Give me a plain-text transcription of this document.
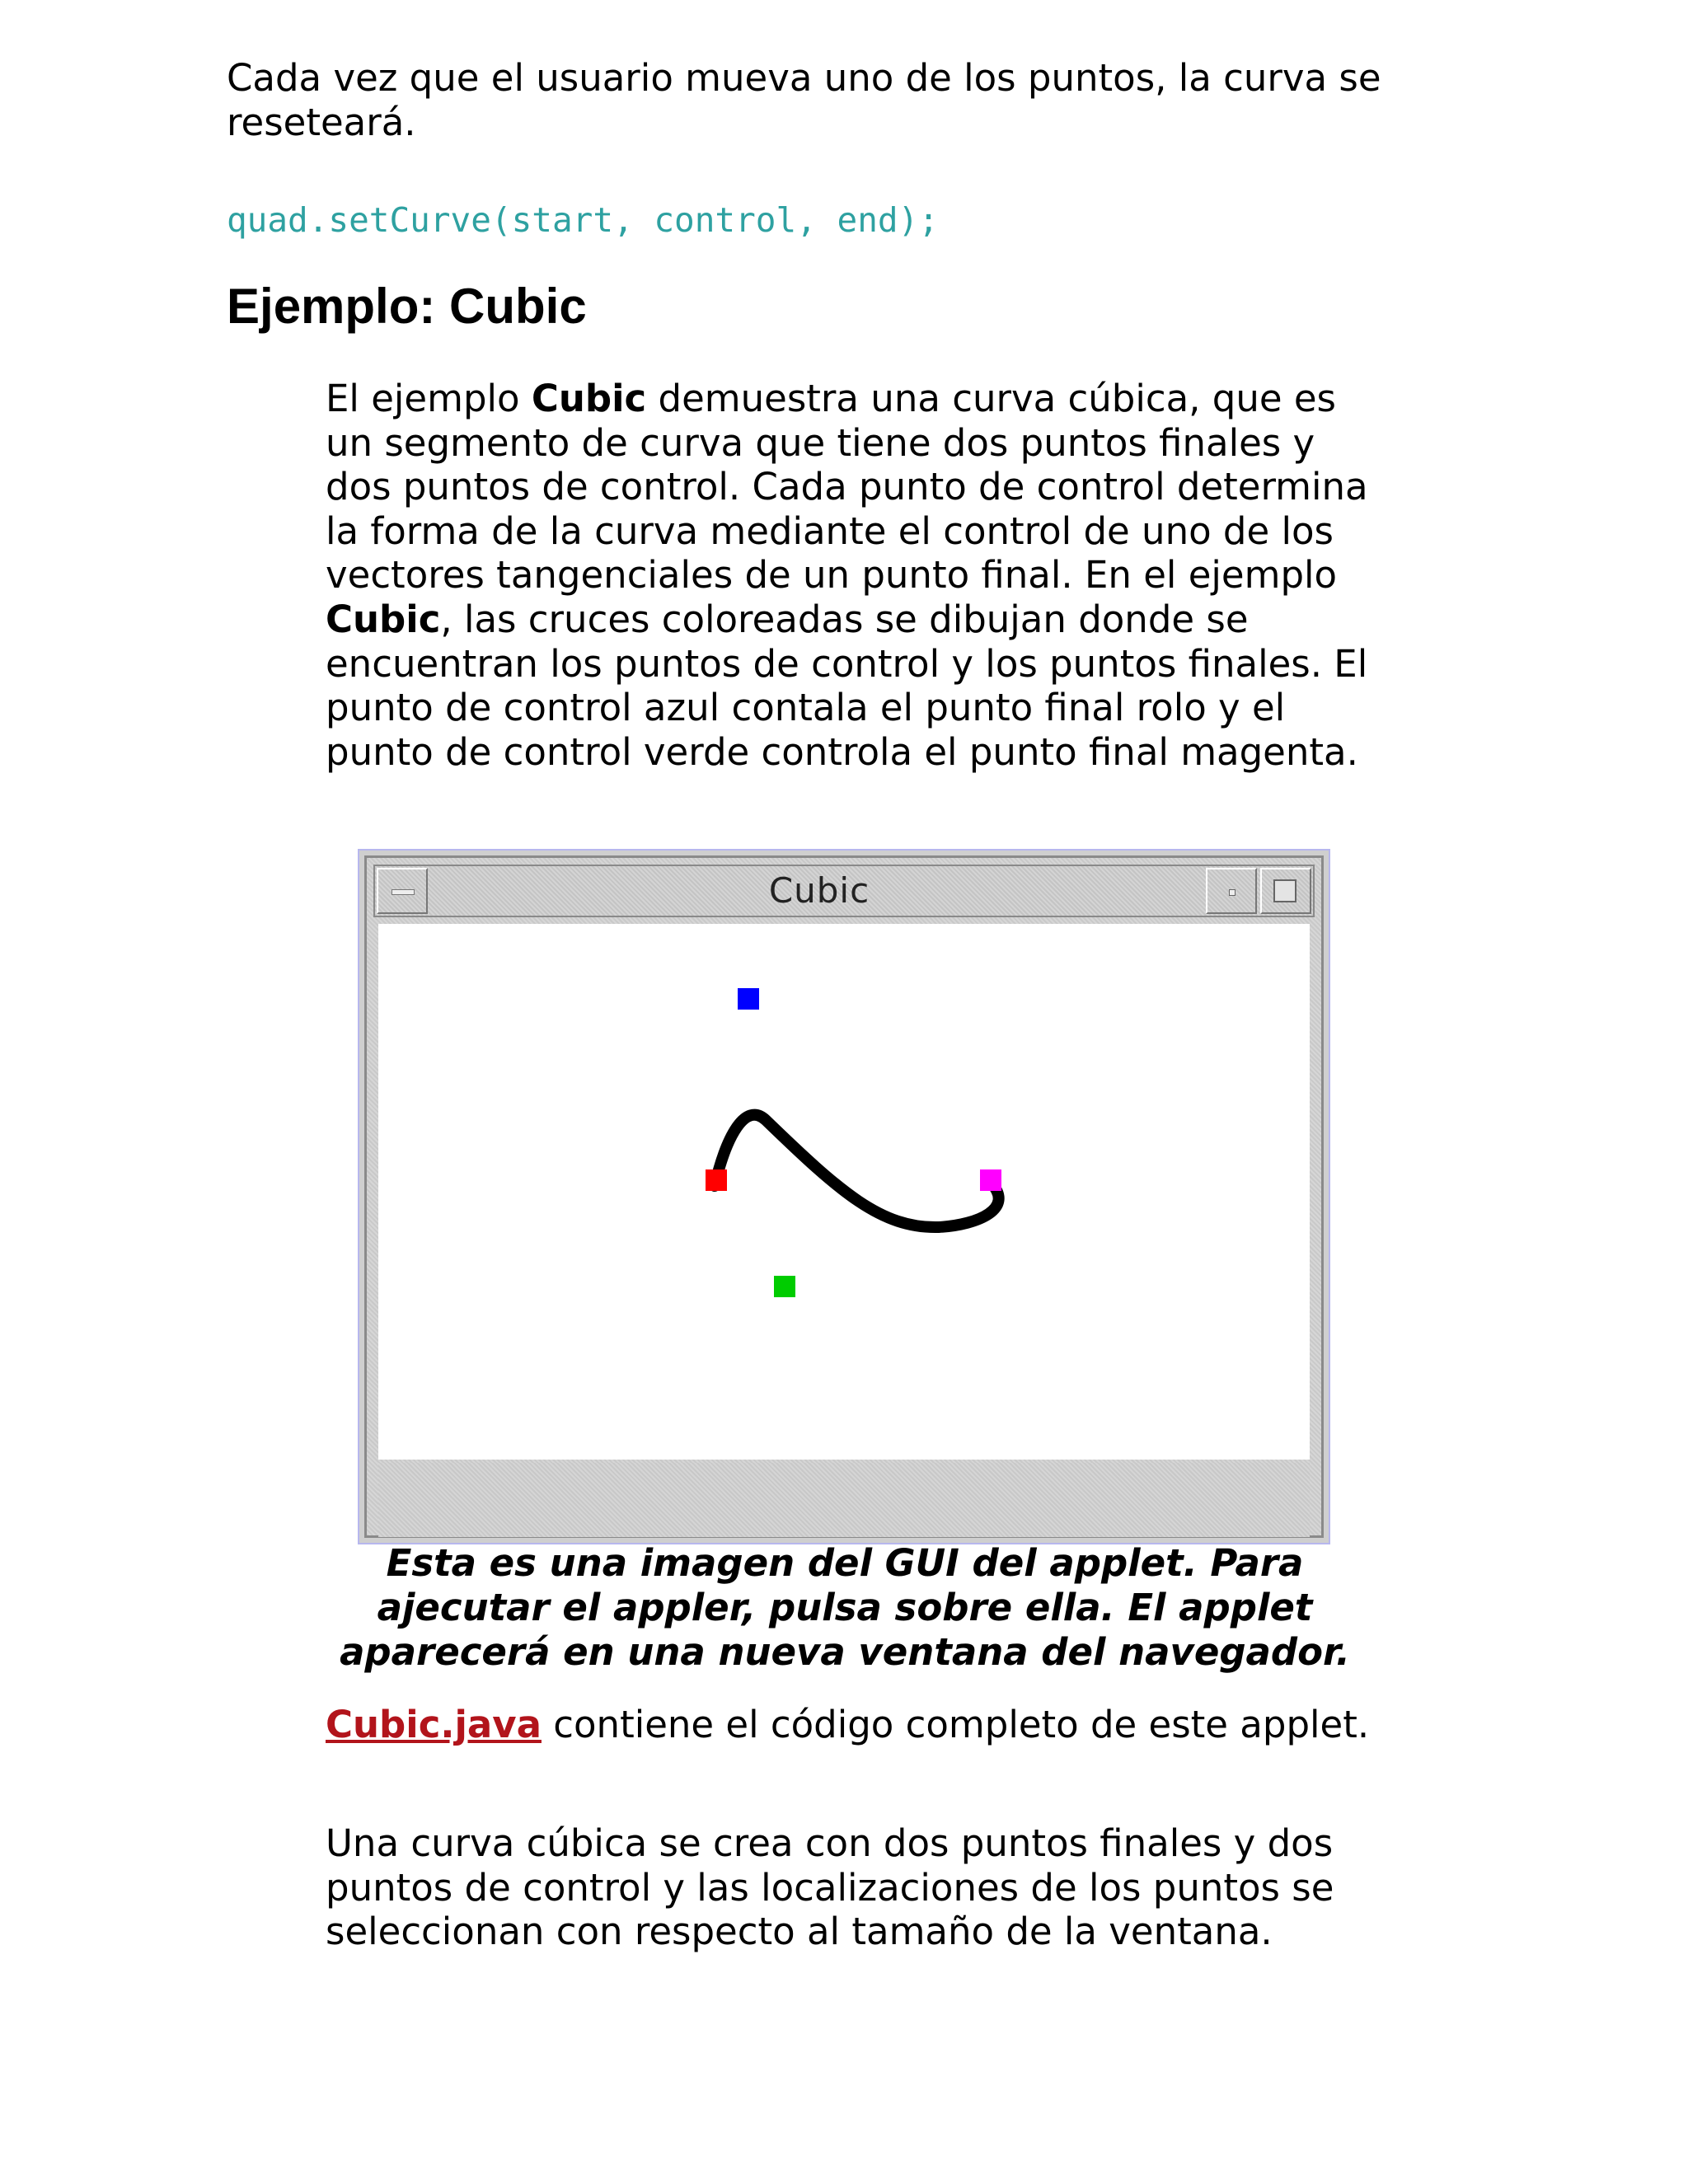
Cada vez que el usuario mueva uno de los puntos, la curva se reseteará.

quad.setCurve(start, control, end);
Ejemplo: Cubic

El ejemplo Cubic demuestra una curva cúbica, que es un segmento de curva que tiene dos puntos finales y dos puntos de control. Cada punto de control determina la forma de la curva mediante el control de uno de los vectores tangenciales de un punto final. En el ejemplo Cubic, las cruces coloreadas se dibujan donde se encuentran los puntos de control y los puntos finales. El punto de control azul contala el punto final rolo y el punto de control verde controla el punto final magenta.

Cubic

Esta es una imagen del GUI del applet. Para ajecutar el appler, pulsa sobre ella. El applet aparecerá en una nueva ventana del navegador.

Cubic.java contiene el código completo de este applet.

Una curva cúbica se crea con dos puntos finales y dos puntos de control y las localizaciones de los puntos se seleccionan con respecto al tamaño de la ventana.
